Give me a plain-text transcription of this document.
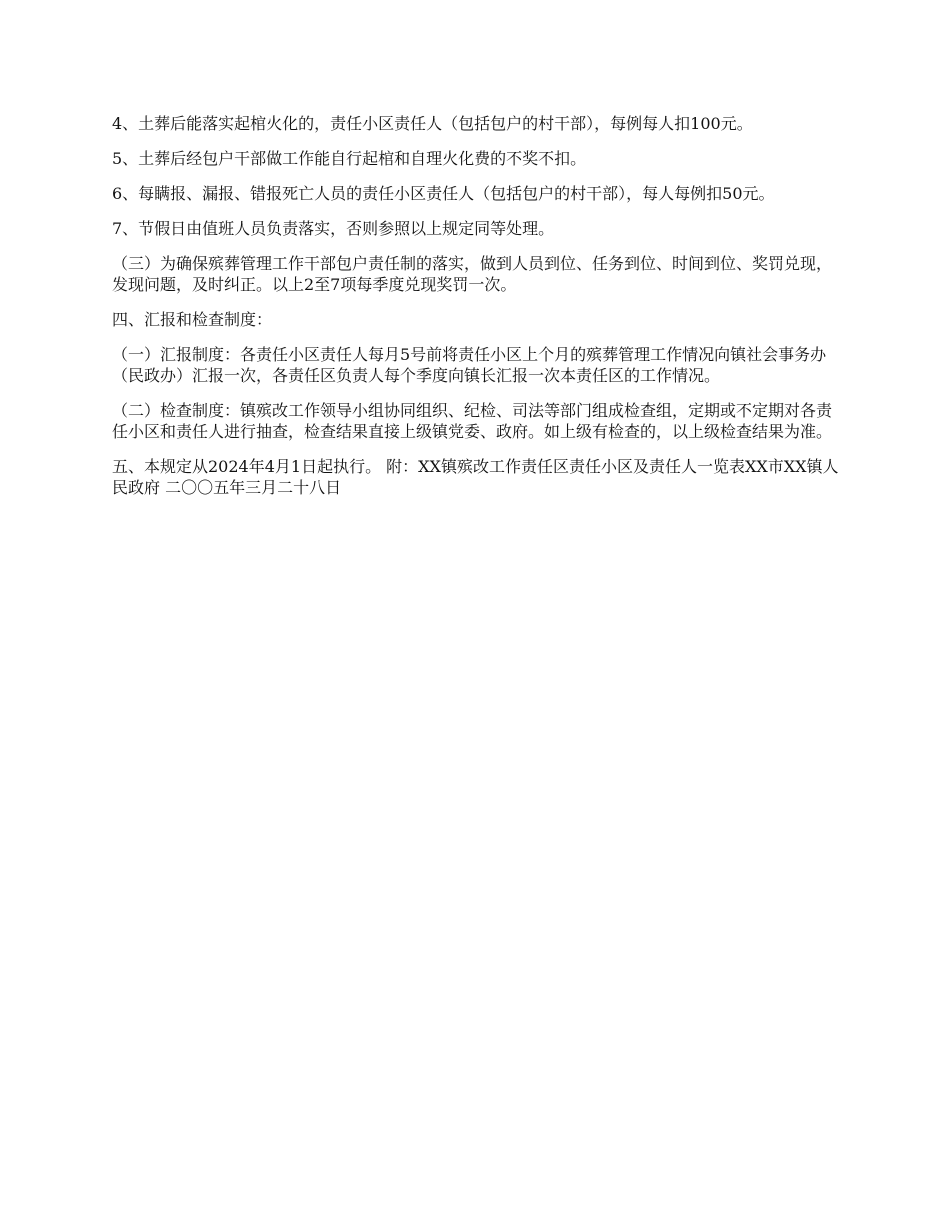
4、土葬后能落实起棺火化的，责任小区责任人（包括包户的村干部），每例每人扣100元。

5、土葬后经包户干部做工作能自行起棺和自理火化费的不奖不扣。

6、每瞒报、漏报、错报死亡人员的责任小区责任人（包括包户的村干部），每人每例扣50元。

7、节假日由值班人员负责落实，否则参照以上规定同等处理。

（三）为确保殡葬管理工作干部包户责任制的落实，做到人员到位、任务到位、时间到位、奖罚兑现，发现问题，及时纠正。以上2至7项每季度兑现奖罚一次。

四、汇报和检查制度：

（一）汇报制度：各责任小区责任人每月5号前将责任小区上个月的殡葬管理工作情况向镇社会事务办（民政办）汇报一次，各责任区负责人每个季度向镇长汇报一次本责任区的工作情况。

（二）检查制度：镇殡改工作领导小组协同组织、纪检、司法等部门组成检查组，定期或不定期对各责任小区和责任人进行抽查，检查结果直接上级镇党委、政府。如上级有检查的，以上级检查结果为准。

五、本规定从2024年4月1日起执行。 附：XX镇殡改工作责任区责任小区及责任人一览表XX市XX镇人民政府 二〇〇五年三月二十八日
